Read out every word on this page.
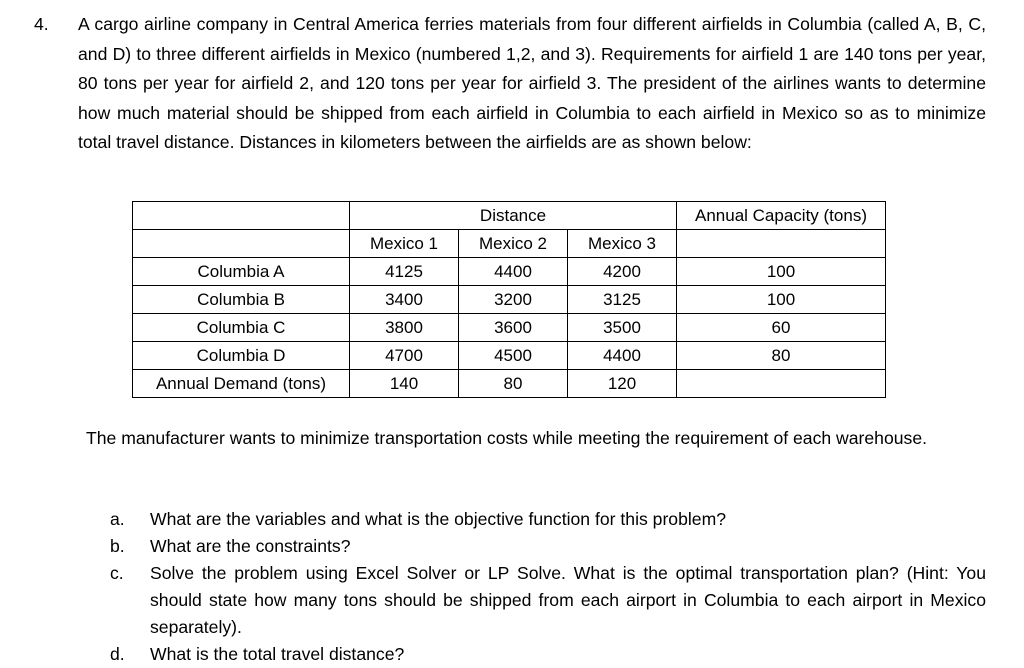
4. A cargo airline company in Central America ferries materials from four different airfields in Columbia (called A, B, C, and D) to three different airfields in Mexico (numbered 1,2, and 3). Requirements for airfield 1 are 140 tons per year, 80 tons per year for airfield 2, and 120 tons per year for airfield 3. The president of the airlines wants to determine how much material should be shipped from each airfield in Columbia to each airfield in Mexico so as to minimize total travel distance. Distances in kilometers between the airfields are as shown below:
	Distance			Annual Capacity (tons)
	Mexico 1	Mexico 2	Mexico 3	
Columbia A	4125	4400	4200	100
Columbia B	3400	3200	3125	100
Columbia C	3800	3600	3500	60
Columbia D	4700	4500	4400	80
Annual Demand (tons)	140	80	120	
The manufacturer wants to minimize transportation costs while meeting the requirement of each warehouse.
a. What are the variables and what is the objective function for this problem?
b. What are the constraints?
c. Solve the problem using Excel Solver or LP Solve. What is the optimal transportation plan? (Hint: You should state how many tons should be shipped from each airport in Columbia to each airport in Mexico separately).
d. What is the total travel distance?
